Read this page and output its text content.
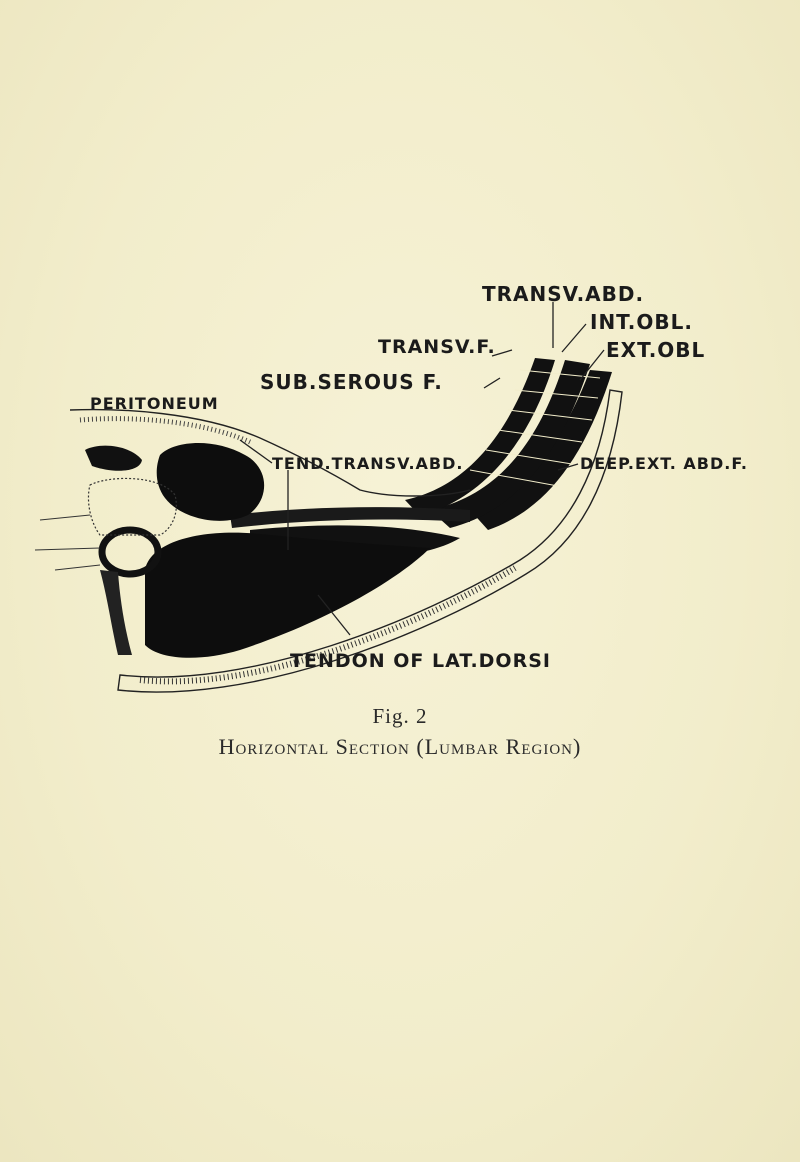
TRANSV.ABD.
INT.OBL.
TRANSV.F.	EXT.OBL
SUB.SEROUS F.
PERITONEUM
TEND.TRANSV.ABD.	DEEP.EXT. ABD.F.
TENDON OF LAT.DORSI
Fig. 2
Horizontal Section (Lumbar Region)
